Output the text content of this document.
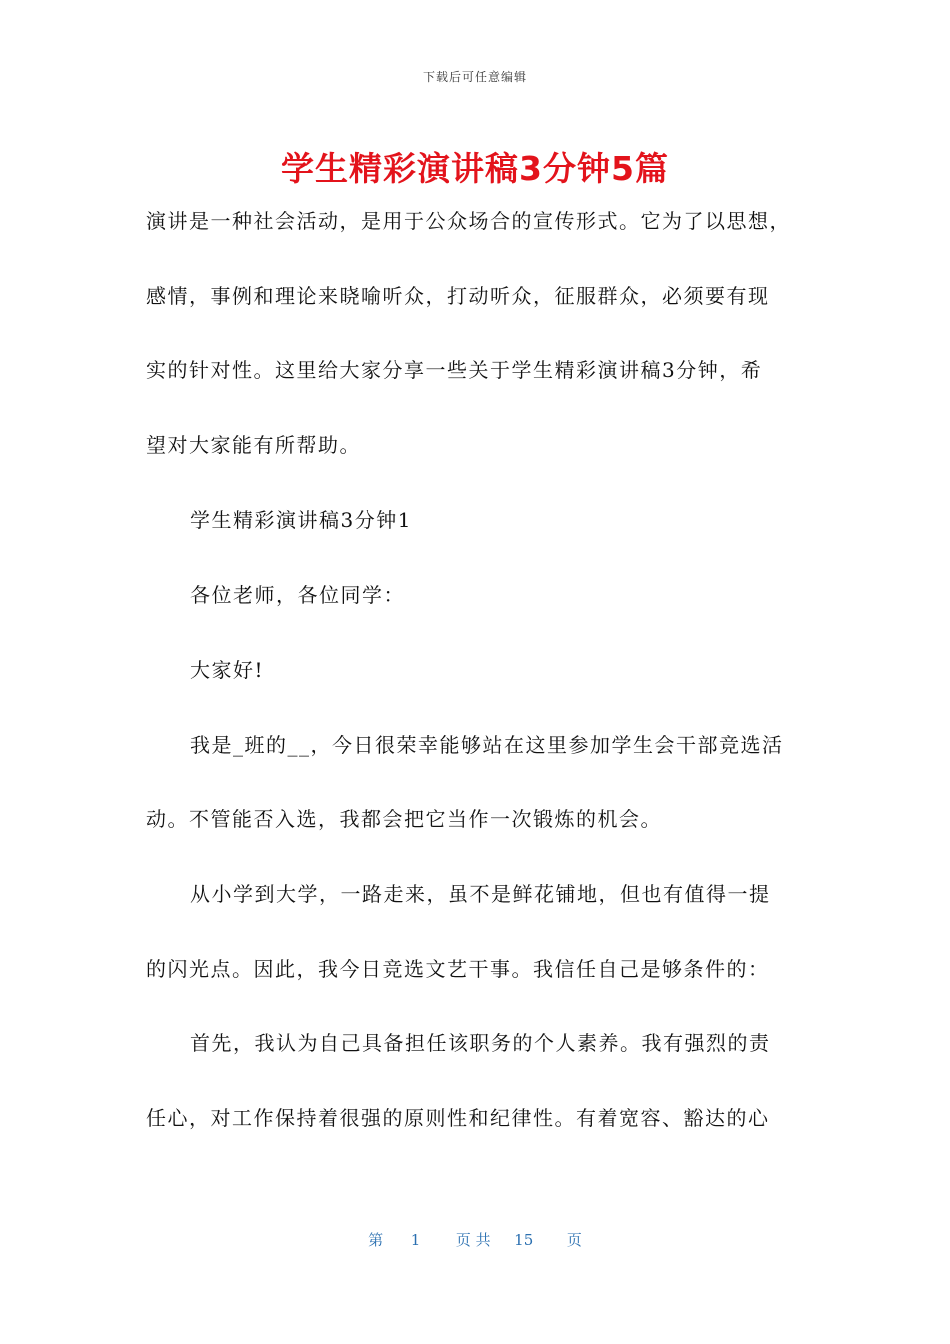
下载后可任意编辑
学生精彩演讲稿3分钟5篇
演讲是一种社会活动，是用于公众场合的宣传形式。它为了以思想，
感情，事例和理论来晓喻听众，打动听众，征服群众，必须要有现
实的针对性。这里给大家分享一些关于学生精彩演讲稿3分钟，希
望对大家能有所帮助。
学生精彩演讲稿3分钟1
各位老师，各位同学：
大家好!
我是_班的__，今日很荣幸能够站在这里参加学生会干部竞选活
动。不管能否入选，我都会把它当作一次锻炼的机会。
从小学到大学，一路走来，虽不是鲜花铺地，但也有值得一提
的闪光点。因此，我今日竞选文艺干事。我信任自己是够条件的：
首先，我认为自己具备担任该职务的个人素养。我有强烈的责
任心，对工作保持着很强的原则性和纪律性。有着宽容、豁达的心
第 1 页 共 15 页
